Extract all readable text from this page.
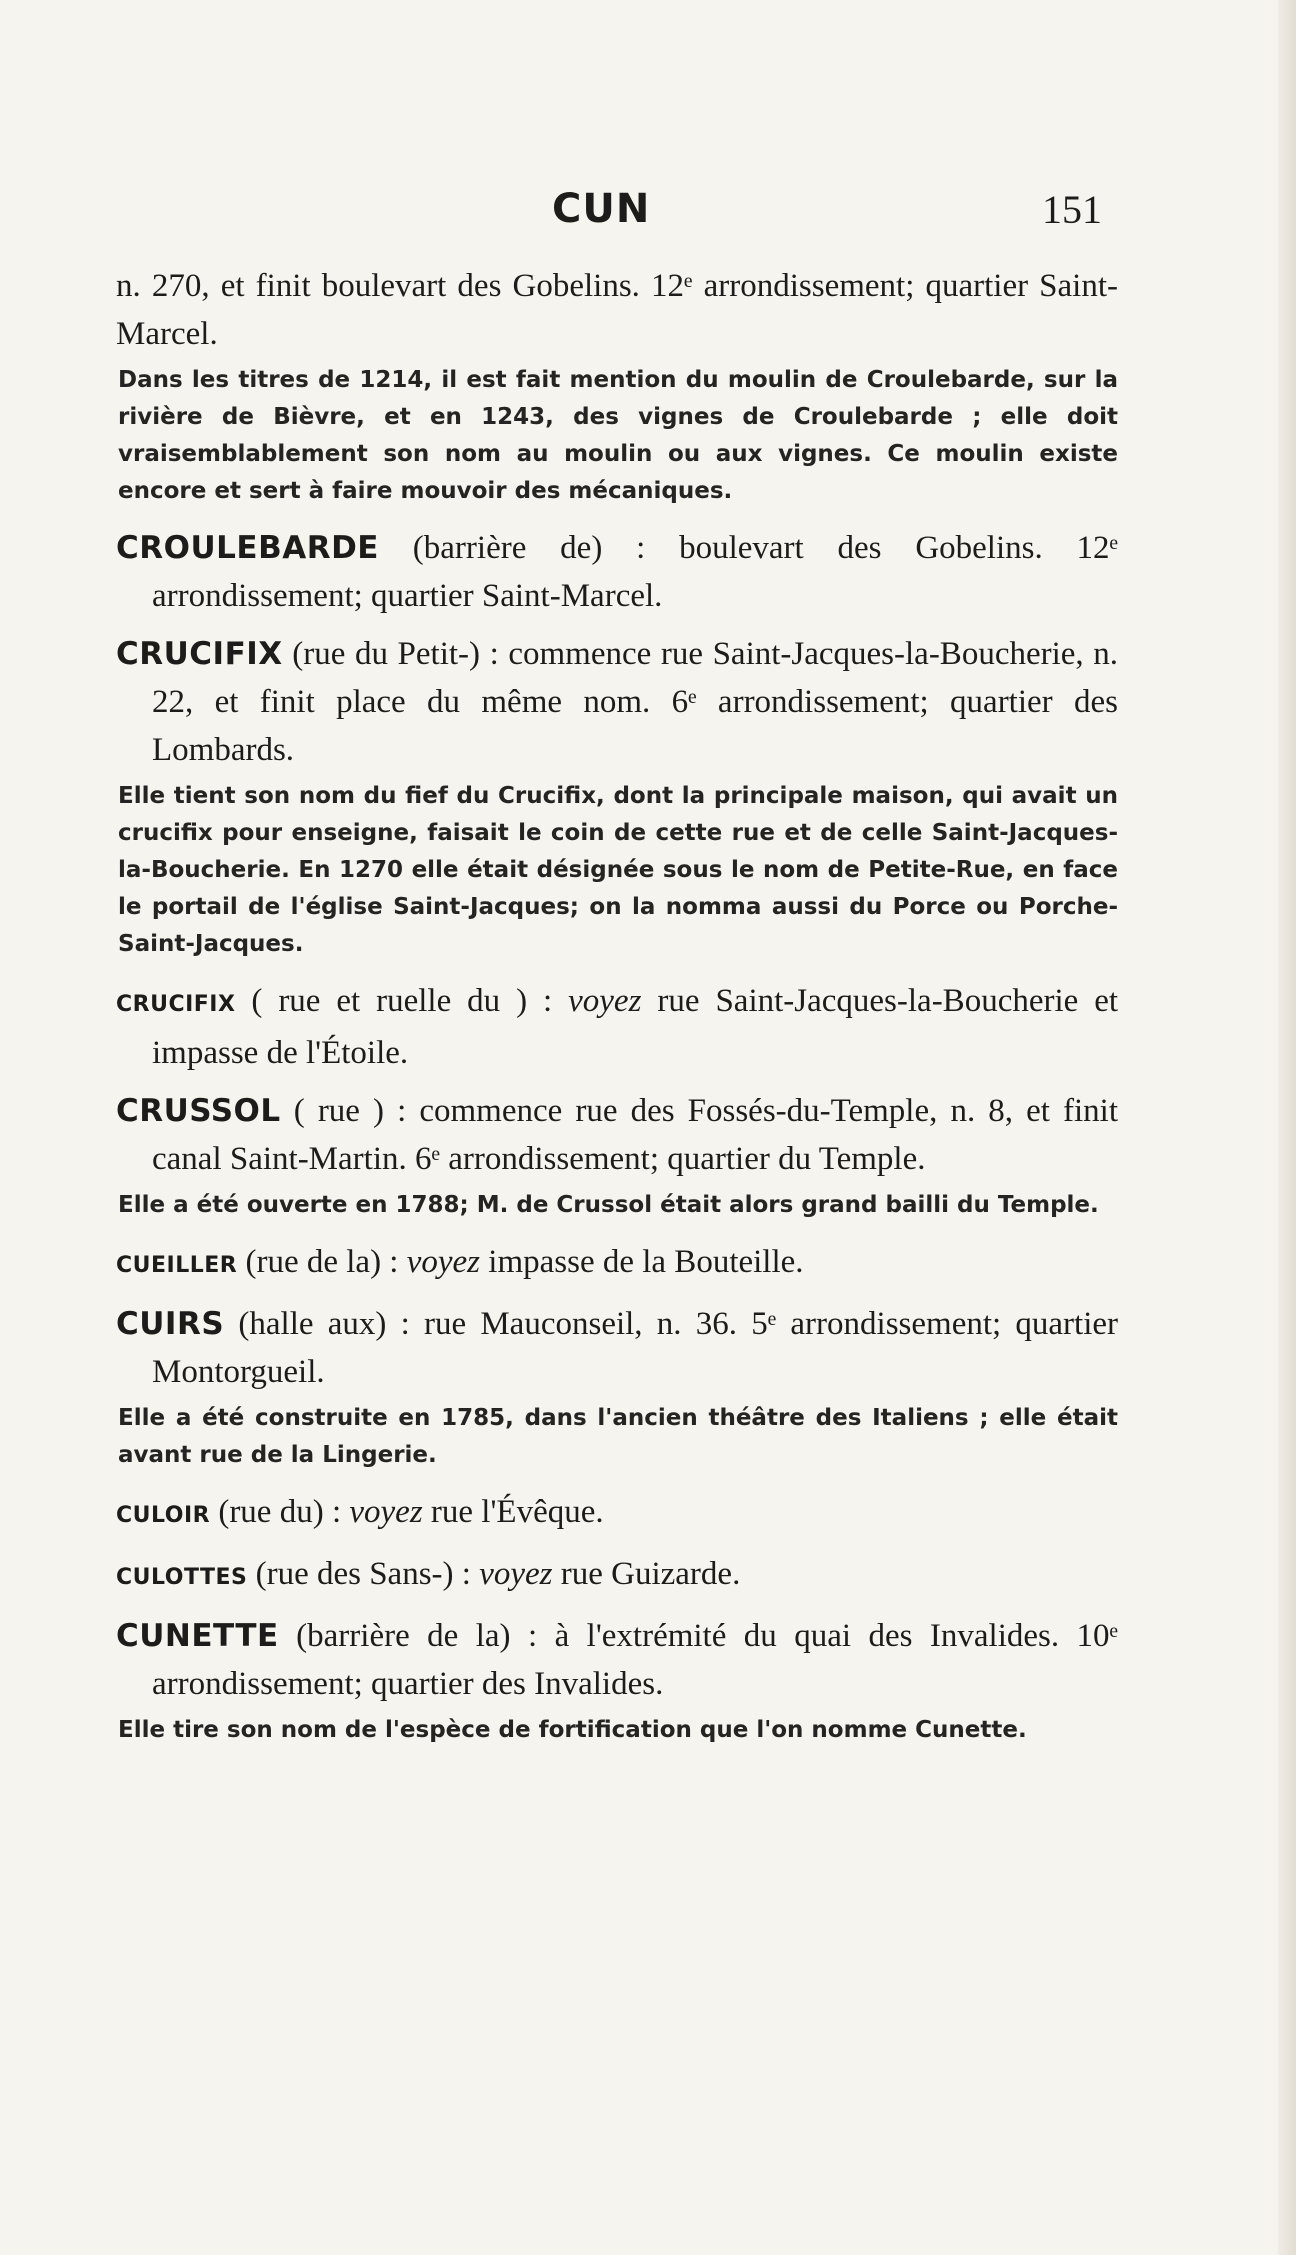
CUN	151

n. 270, et finit boulevart des Gobelins. 12ᵉ arrondissement; quartier Saint-Marcel.

Dans les titres de 1214, il est fait mention du moulin de Croulebarde, sur la rivière de Bièvre, et en 1243, des vignes de Croulebarde ; elle doit vraisemblablement son nom au moulin ou aux vignes. Ce moulin existe encore et sert à faire mouvoir des mécaniques.

CROULEBARDE (barrière de) : boulevart des Gobelins. 12ᵉ arrondissement; quartier Saint-Marcel.

CRUCIFIX (rue du Petit-) : commence rue Saint-Jacques-la-Boucherie, n. 22, et finit place du même nom. 6ᵉ arrondissement; quartier des Lombards.

Elle tient son nom du fief du Crucifix, dont la principale maison, qui avait un crucifix pour enseigne, faisait le coin de cette rue et de celle Saint-Jacques-la-Boucherie. En 1270 elle était désignée sous le nom de Petite-Rue, en face le portail de l'église Saint-Jacques; on la nomma aussi du Porce ou Porche-Saint-Jacques.

CRUCIFIX ( rue et ruelle du ) : voyez rue Saint-Jacques-la-Boucherie et impasse de l'Étoile.

CRUSSOL ( rue ) : commence rue des Fossés-du-Temple, n. 8, et finit canal Saint-Martin. 6ᵉ arrondissement; quartier du Temple.

Elle a été ouverte en 1788; M. de Crussol était alors grand bailli du Temple.

CUEILLER (rue de la) : voyez impasse de la Bouteille.

CUIRS (halle aux) : rue Mauconseil, n. 36. 5ᵉ arrondissement; quartier Montorgueil.

Elle a été construite en 1785, dans l'ancien théâtre des Italiens ; elle était avant rue de la Lingerie.

CULOIR (rue du) : voyez rue l'Évêque.

CULOTTES (rue des Sans-) : voyez rue Guizarde.

CUNETTE (barrière de la) : à l'extrémité du quai des Invalides. 10ᵉ arrondissement; quartier des Invalides.

Elle tire son nom de l'espèce de fortification que l'on nomme Cunette.
